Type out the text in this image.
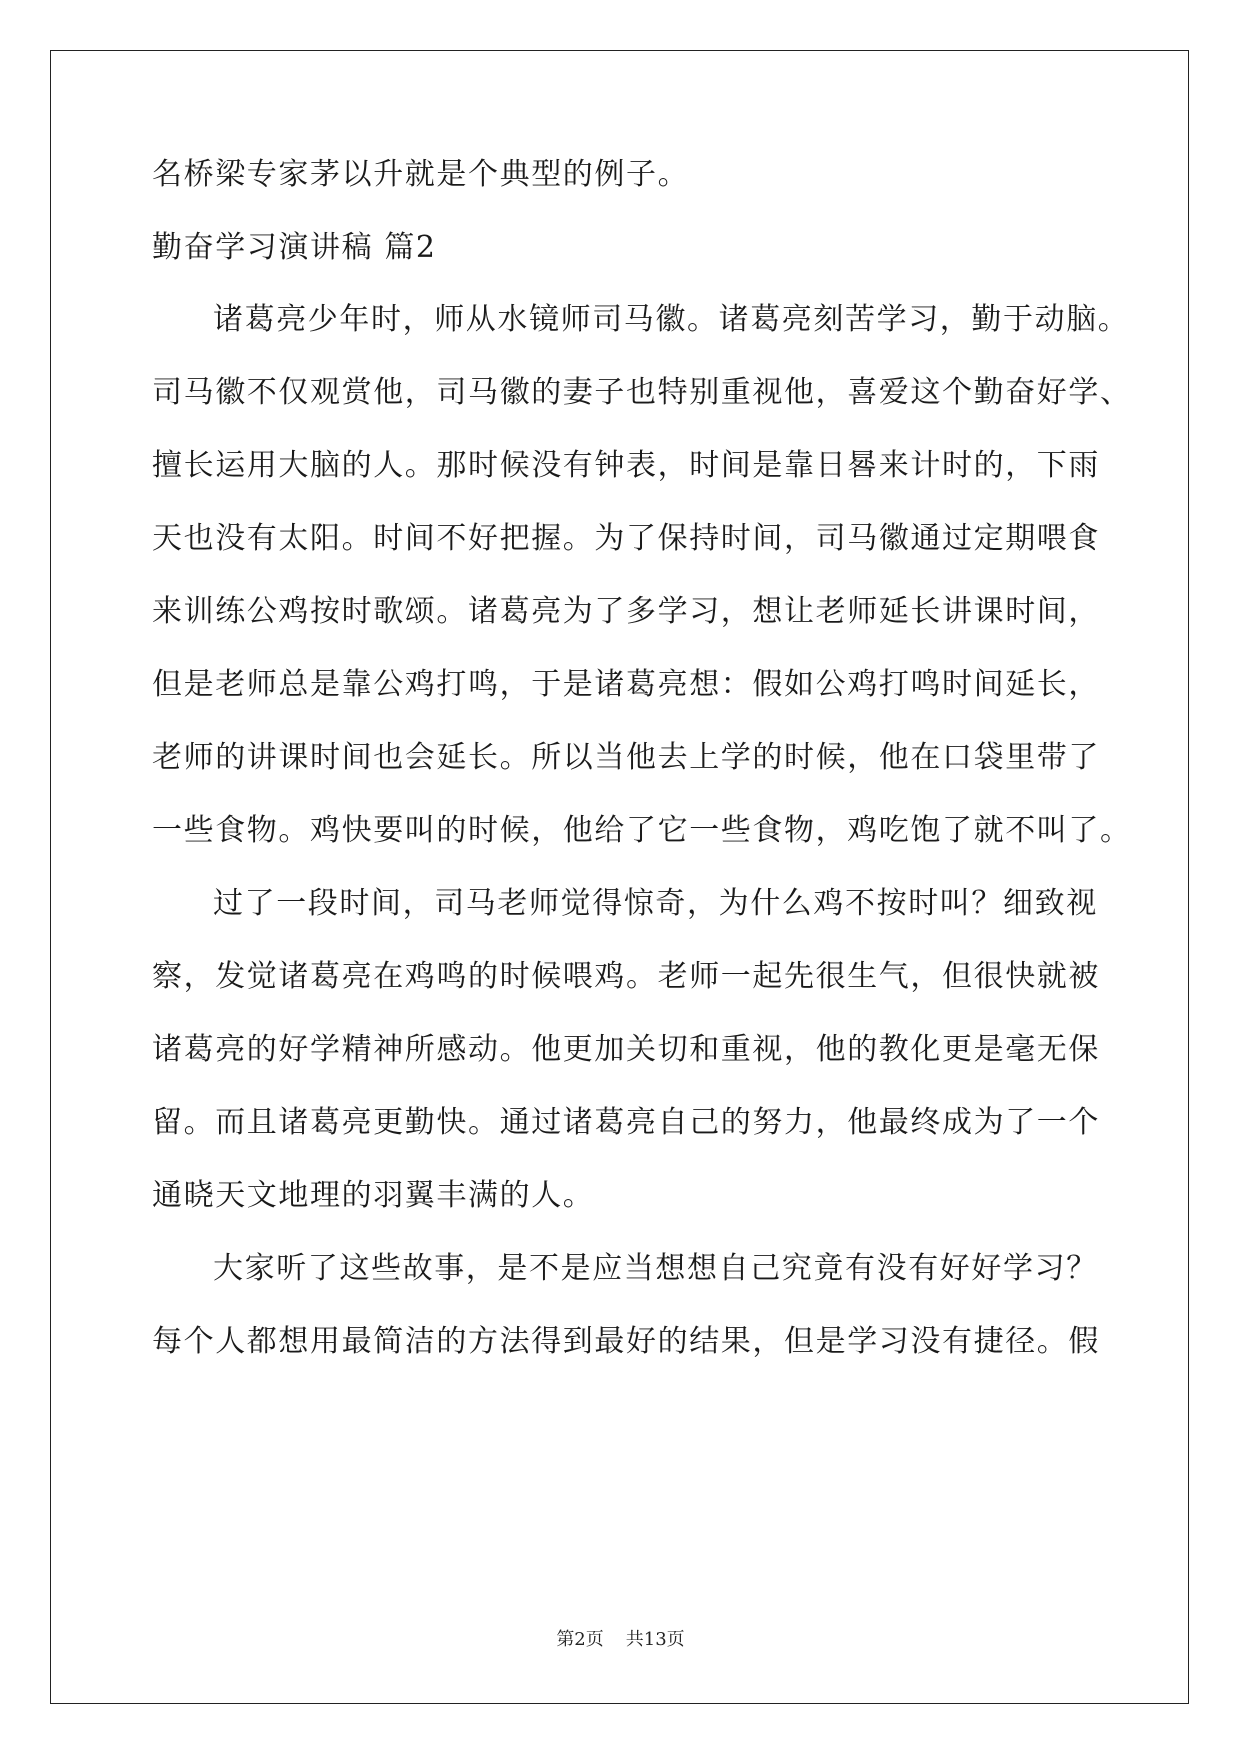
名桥梁专家茅以升就是个典型的例子。
勤奋学习演讲稿 篇2
诸葛亮少年时，师从水镜师司马徽。诸葛亮刻苦学习，勤于动脑。
司马徽不仅观赏他，司马徽的妻子也特别重视他，喜爱这个勤奋好学、
擅长运用大脑的人。那时候没有钟表，时间是靠日晷来计时的，下雨
天也没有太阳。时间不好把握。为了保持时间，司马徽通过定期喂食
来训练公鸡按时歌颂。诸葛亮为了多学习，想让老师延长讲课时间，
但是老师总是靠公鸡打鸣，于是诸葛亮想：假如公鸡打鸣时间延长，
老师的讲课时间也会延长。所以当他去上学的时候，他在口袋里带了
一些食物。鸡快要叫的时候，他给了它一些食物，鸡吃饱了就不叫了。
过了一段时间，司马老师觉得惊奇，为什么鸡不按时叫？细致视
察，发觉诸葛亮在鸡鸣的时候喂鸡。老师一起先很生气，但很快就被
诸葛亮的好学精神所感动。他更加关切和重视，他的教化更是毫无保
留。而且诸葛亮更勤快。通过诸葛亮自己的努力，他最终成为了一个
通晓天文地理的羽翼丰满的人。
大家听了这些故事，是不是应当想想自己究竟有没有好好学习？
每个人都想用最简洁的方法得到最好的结果，但是学习没有捷径。假
第2页 共13页
